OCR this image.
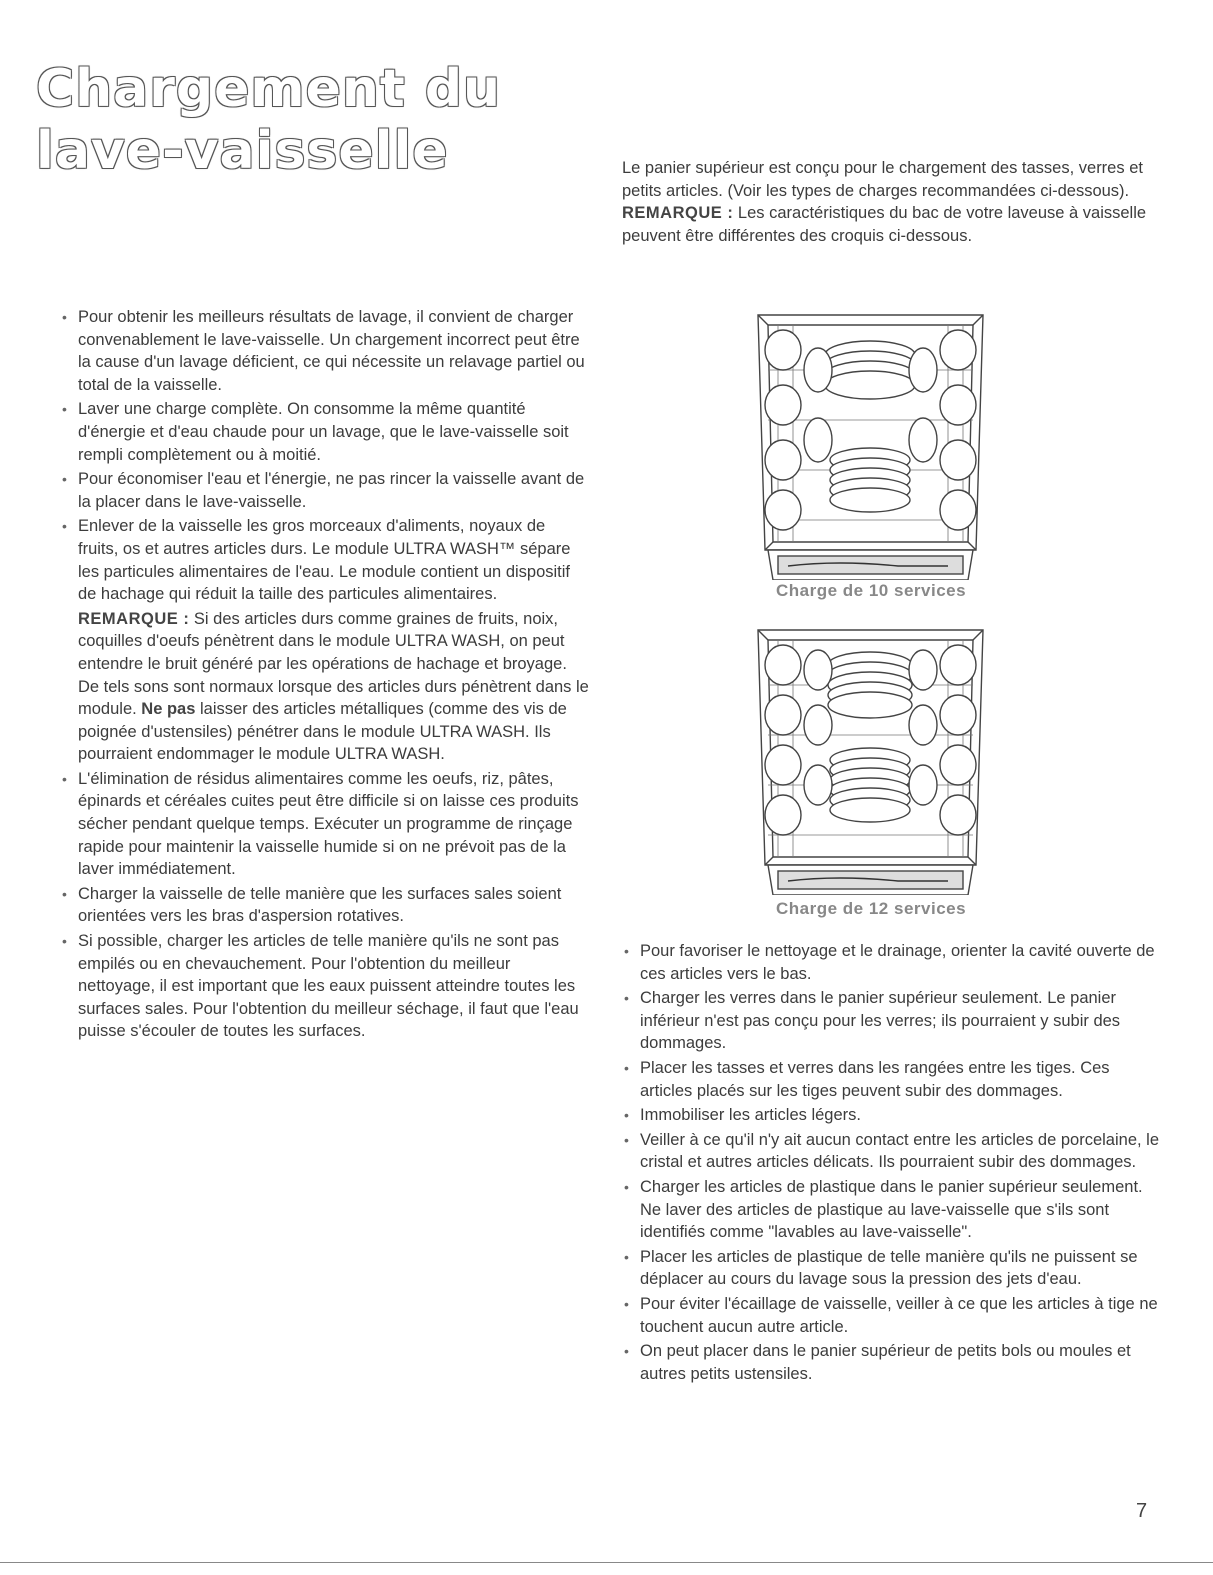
Chargement du
lave-vaisselle
• Pour obtenir les meilleurs résultats de lavage, il convient de charger convenablement le lave-vaisselle. Un chargement incorrect peut être la cause d'un lavage déficient, ce qui nécessite un relavage partiel ou total de la vaisselle.
• Laver une charge complète. On consomme la même quantité d'énergie et d'eau chaude pour un lavage, que le lave-vaisselle soit rempli complètement ou à moitié.
• Pour économiser l'eau et l'énergie, ne pas rincer la vaisselle avant de la placer dans le lave-vaisselle.
• Enlever de la vaisselle les gros morceaux d'aliments, noyaux de fruits, os et autres articles durs. Le module ULTRA WASH™ sépare les particules alimentaires de l'eau. Le module contient un dispositif de hachage qui réduit la taille des particules alimentaires.
REMARQUE : Si des articles durs comme graines de fruits, noix, coquilles d'oeufs pénètrent dans le module ULTRA WASH, on peut entendre le bruit généré par les opérations de hachage et broyage. De tels sons sont normaux lorsque des articles durs pénètrent dans le module. Ne pas laisser des articles métalliques (comme des vis de poignée d'ustensiles) pénétrer dans le module ULTRA WASH. Ils pourraient endommager le module ULTRA WASH.
• L'élimination de résidus alimentaires comme les oeufs, riz, pâtes, épinards et céréales cuites peut être difficile si on laisse ces produits sécher pendant quelque temps. Exécuter un programme de rinçage rapide pour maintenir la vaisselle humide si on ne prévoit pas de la laver immédiatement.
• Charger la vaisselle de telle manière que les surfaces sales soient orientées vers les bras d'aspersion rotatives.
• Si possible, charger les articles de telle manière qu'ils ne sont pas empilés ou en chevauchement. Pour l'obtention du meilleur nettoyage, il est important que les eaux puissent atteindre toutes les surfaces sales. Pour l'obtention du meilleur séchage, il faut que l'eau puisse s'écouler de toutes les surfaces.
Le panier supérieur est conçu pour le chargement des tasses, verres et petits articles. (Voir les types de charges recommandées ci-dessous).
REMARQUE : Les caractéristiques du bac de votre laveuse à vaisselle peuvent être différentes des croquis ci-dessous.
Charge de 10 services
Charge de 12 services
• Pour favoriser le nettoyage et le drainage, orienter la cavité ouverte de ces articles vers le bas.
• Charger les verres dans le panier supérieur seulement. Le panier inférieur n'est pas conçu pour les verres; ils pourraient y subir des dommages.
• Placer les tasses et verres dans les rangées entre les tiges. Ces articles placés sur les tiges peuvent subir des dommages.
• Immobiliser les articles légers.
• Veiller à ce qu'il n'y ait aucun contact entre les articles de porcelaine, le cristal et autres articles délicats. Ils pourraient subir des dommages.
• Charger les articles de plastique dans le panier supérieur seulement. Ne laver des articles de plastique au lave-vaisselle que s'ils sont identifiés comme "lavables au lave-vaisselle".
• Placer les articles de plastique de telle manière qu'ils ne puissent se déplacer au cours du lavage sous la pression des jets d'eau.
• Pour éviter l'écaillage de vaisselle, veiller à ce que les articles à tige ne touchent aucun autre article.
• On peut placer dans le panier supérieur de petits bols ou moules et autres petits ustensiles.
7
